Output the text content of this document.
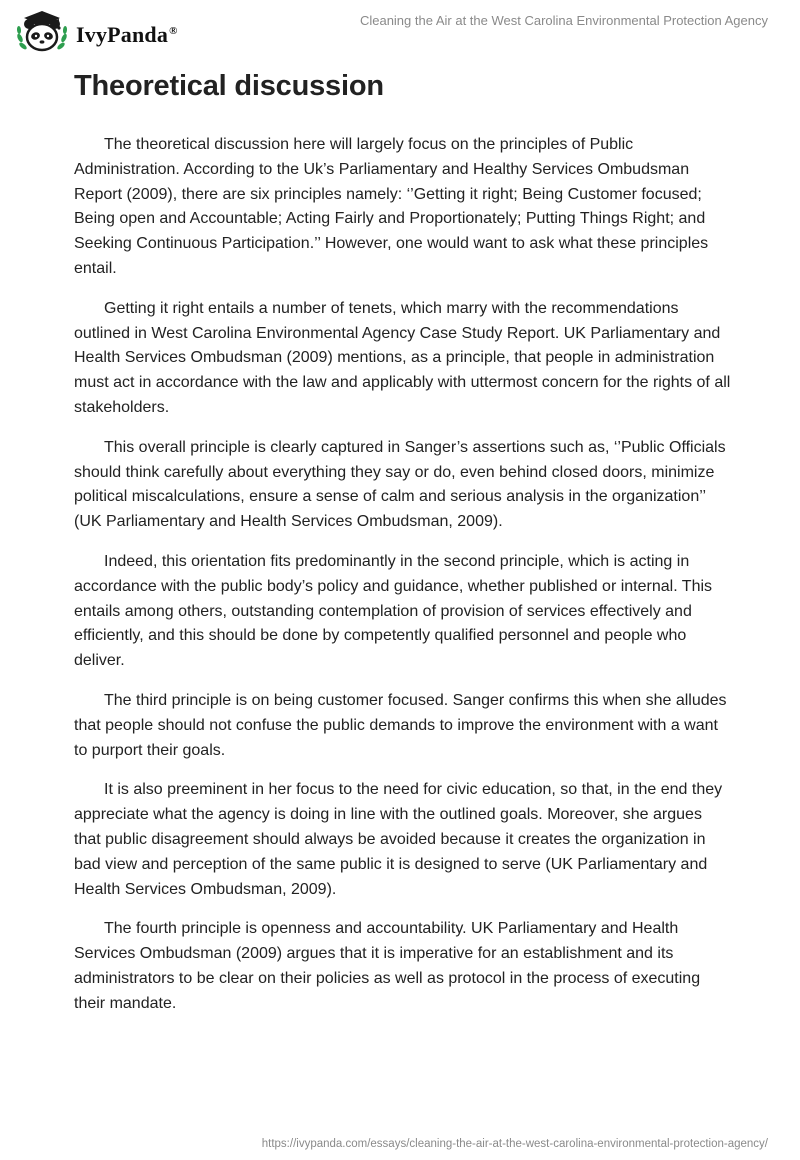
IvyPanda®
Cleaning the Air at the West Carolina Environmental Protection Agency
Theoretical discussion

The theoretical discussion here will largely focus on the principles of Public Administration. According to the Uk’s Parliamentary and Healthy Services Ombudsman Report (2009), there are six principles namely: ‘’Getting it right; Being Customer focused; Being open and Accountable; Acting Fairly and Proportionately; Putting Things Right; and Seeking Continuous Participation.’’ However, one would want to ask what these principles entail.

Getting it right entails a number of tenets, which marry with the recommendations outlined in West Carolina Environmental Agency Case Study Report. UK Parliamentary and Health Services Ombudsman (2009) mentions, as a principle, that people in administration must act in accordance with the law and applicably with uttermost concern for the rights of all stakeholders.

This overall principle is clearly captured in Sanger’s assertions such as, ‘’Public Officials should think carefully about everything they say or do, even behind closed doors, minimize political miscalculations, ensure a sense of calm and serious analysis in the organization’’ (UK Parliamentary and Health Services Ombudsman, 2009).

Indeed, this orientation fits predominantly in the second principle, which is acting in accordance with the public body’s policy and guidance, whether published or internal. This entails among others, outstanding contemplation of provision of services effectively and efficiently, and this should be done by competently qualified personnel and people who deliver.

The third principle is on being customer focused. Sanger confirms this when she alludes that people should not confuse the public demands to improve the environment with a want to purport their goals.

It is also preeminent in her focus to the need for civic education, so that, in the end they appreciate what the agency is doing in line with the outlined goals. Moreover, she argues that public disagreement should always be avoided because it creates the organization in bad view and perception of the same public it is designed to serve (UK Parliamentary and Health Services Ombudsman, 2009).

The fourth principle is openness and accountability. UK Parliamentary and Health Services Ombudsman (2009) argues that it is imperative for an establishment and its administrators to be clear on their policies as well as protocol in the process of executing their mandate.

https://ivypanda.com/essays/cleaning-the-air-at-the-west-carolina-environmental-protection-agency/
